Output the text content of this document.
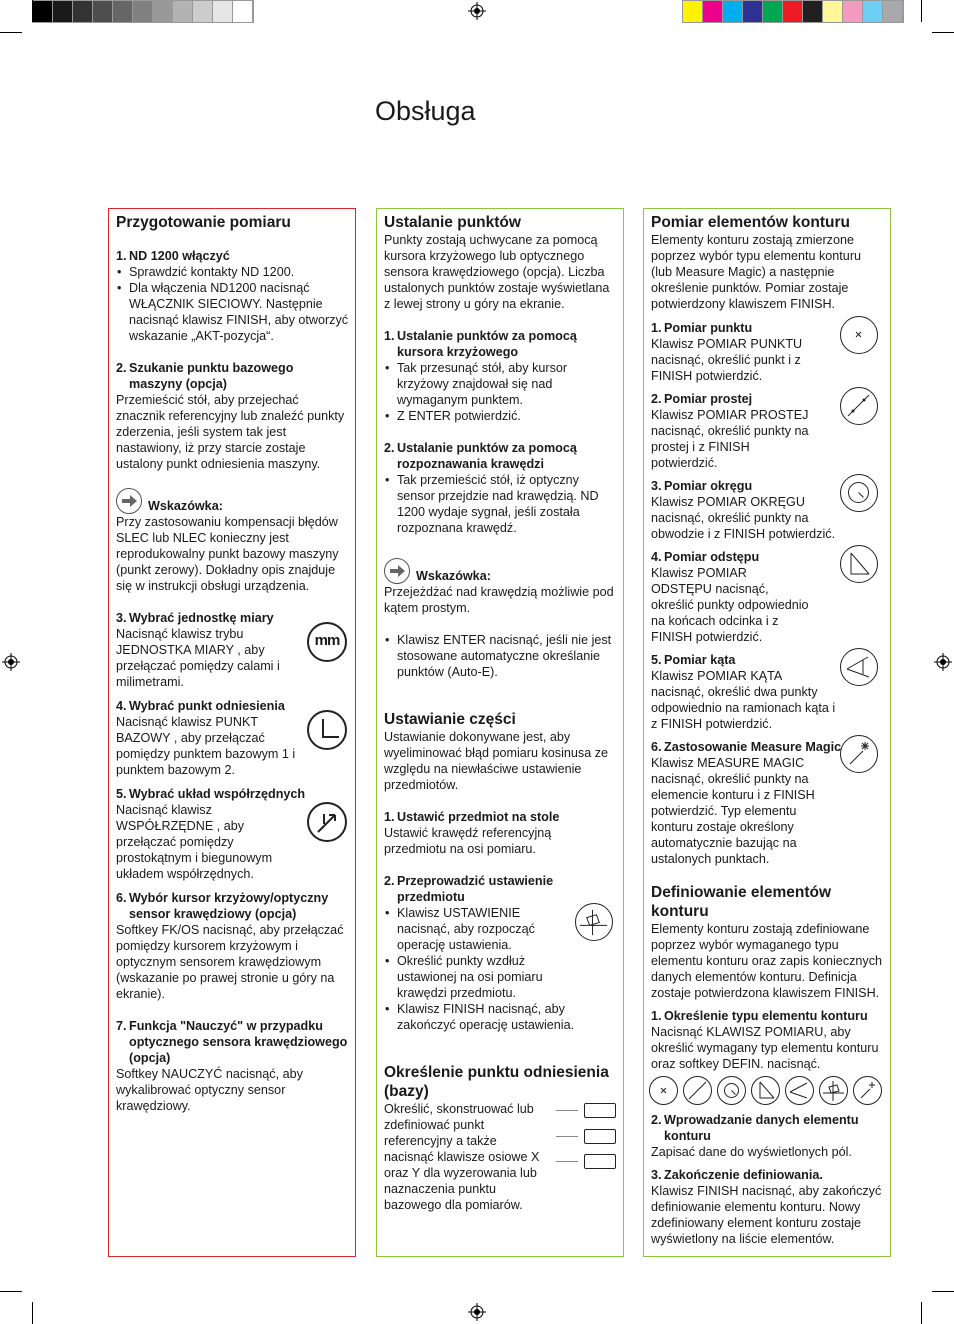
Obsługa

Przygotowanie pomiaru

1. ND 1200 włączyć

• Sprawdzić kontakty ND 1200.

• Dla włączenia ND1200 nacisnąć WŁĄCZNIK SIECIOWY. Następnie nacisnąć klawisz FINISH, aby otworzyć wskazanie „AKT-pozycja“.

2. Szukanie punktu bazowego maszyny (opcja)

Przemieścić stół, aby przejechać znacznik referencyjny lub znaleźć punkty zderzenia, jeśli system tak jest nastawiony, iż przy starcie zostaje ustalony punkt odniesienia maszyny.

Wskazówka:

Przy zastosowaniu kompensacji błędów SLEC lub NLEC konieczny jest reprodukowalny punkt bazowy maszyny (punkt zerowy). Dokładny opis znajduje się w instrukcji obsługi urządzenia.

3. Wybrać jednostkę miary

Nacisnąć klawisz trybu JEDNOSTKA MIARY , aby przełączać pomiędzy calami i milimetrami.

mm

4. Wybrać punkt odniesienia

Nacisnąć klawisz PUNKT BAZOWY , aby przełączać pomiędzy punktem bazowym 1 i punktem bazowym 2.

5. Wybrać układ współrzędnych

Nacisnąć klawisz WSPÓŁRZĘDNE , aby przełączać pomiędzy prostokątnym i biegunowym układem współrzędnych.

6. Wybór kursor krzyżowy/optyczny sensor krawędziowy (opcja)

Softkey FK/OS nacisnąć, aby przełączać pomiędzy kursorem krzyżowym i optycznym sensorem krawędziowym (wskazanie po prawej stronie u góry na ekranie).

7. Funkcja "Nauczyć" w przypadku optycznego sensora krawędziowego (opcja)

Softkey NAUCZYĆ nacisnąć, aby wykalibrować optyczny sensor krawędziowy.

Ustalanie punktów

Punkty zostają uchwycane za pomocą kursora krzyżowego lub optycznego sensora krawędziowego (opcja). Liczba ustalonych punktów zostaje wyświetlana z lewej strony u góry na ekranie.

1. Ustalanie punktów za pomocą kursora krzyżowego

• Tak przesunąć stół, aby kursor krzyżowy znajdował się nad wymaganym punktem.

• Z ENTER potwierdzić.

2. Ustalanie punktów za pomocą rozpoznawania krawędzi

• Tak przemieścić stół, iż optyczny sensor przejdzie nad krawędzią. ND 1200 wydaje sygnał, jeśli została rozpoznana krawędź.

Wskazówka:

Przejeżdżać nad krawędzią możliwie pod kątem prostym.

• Klawisz ENTER nacisnąć, jeśli nie jest stosowane automatyczne określanie punktów (Auto-E).

Ustawianie części

Ustawianie dokonywane jest, aby wyeliminować błąd pomiaru kosinusa ze względu na niewłaściwe ustawienie przedmiotów.

1. Ustawić przedmiot na stole

Ustawić krawędź referencyjną przedmiotu na osi pomiaru.

2. Przeprowadzić ustawienie przedmiotu

• Klawisz USTAWIENIE nacisnąć, aby rozpocząć operację ustawienia.

• Określić punkty wzdłuż ustawionej na osi pomiaru krawędzi przedmiotu.

• Klawisz FINISH nacisnąć, aby zakończyć operację ustawienia.

Określenie punktu odniesienia (bazy)

Określić, skonstruować lub zdefiniować punkt referencyjny a także nacisnąć klawisze osiowe X oraz Y dla wyzerowania lub naznaczenia punktu bazowego dla pomiarów.

Pomiar elementów konturu

Elementy konturu zostają zmierzone poprzez wybór typu elementu konturu (lub Measure Magic) a następnie określenie punktów. Pomiar zostaje potwierdzony klawiszem FINISH.

1. Pomiar punktu

Klawisz POMIAR PUNKTU nacisnąć, określić punkt i z FINISH potwierdzić.

2. Pomiar prostej

Klawisz POMIAR PROSTEJ nacisnąć, określić punkty na prostej i z FINISH potwierdzić.

3. Pomiar okręgu

Klawisz POMIAR OKRĘGU nacisnąć, określić punkty na obwodzie i z FINISH potwierdzić.

4. Pomiar odstępu

Klawisz POMIAR ODSTĘPU nacisnąć, określić punkty odpowiednio na końcach odcinka i z FINISH potwierdzić.

5. Pomiar kąta

Klawisz POMIAR KĄTA nacisnąć, określić dwa punkty odpowiednio na ramionach kąta i z FINISH potwierdzić.

6. Zastosowanie Measure Magic

Klawisz MEASURE MAGIC nacisnąć, określić punkty na elemencie konturu i z FINISH potwierdzić. Typ elementu konturu zostaje określony automatycznie bazując na ustalonych punktach.

Definiowanie elementów konturu

Elementy konturu zostają zdefiniowane poprzez wybór wymaganego typu elementu konturu oraz zapis koniecznych danych elementów konturu. Definicja zostaje potwierdzona klawiszem FINISH.

1. Określenie typu elementu konturu

Nacisnąć KLAWISZ POMIARU, aby określić wymagany typ elementu konturu oraz softkey DEFIN. nacisnąć.

2. Wprowadzanie danych elementu konturu

Zapisać dane do wyświetlonych pól.

3. Zakończenie definiowania.

Klawisz FINISH nacisnąć, aby zakończyć definiowanie elementu konturu. Nowy zdefiniowany element konturu zostaje wyświetlony na liście elementów.
